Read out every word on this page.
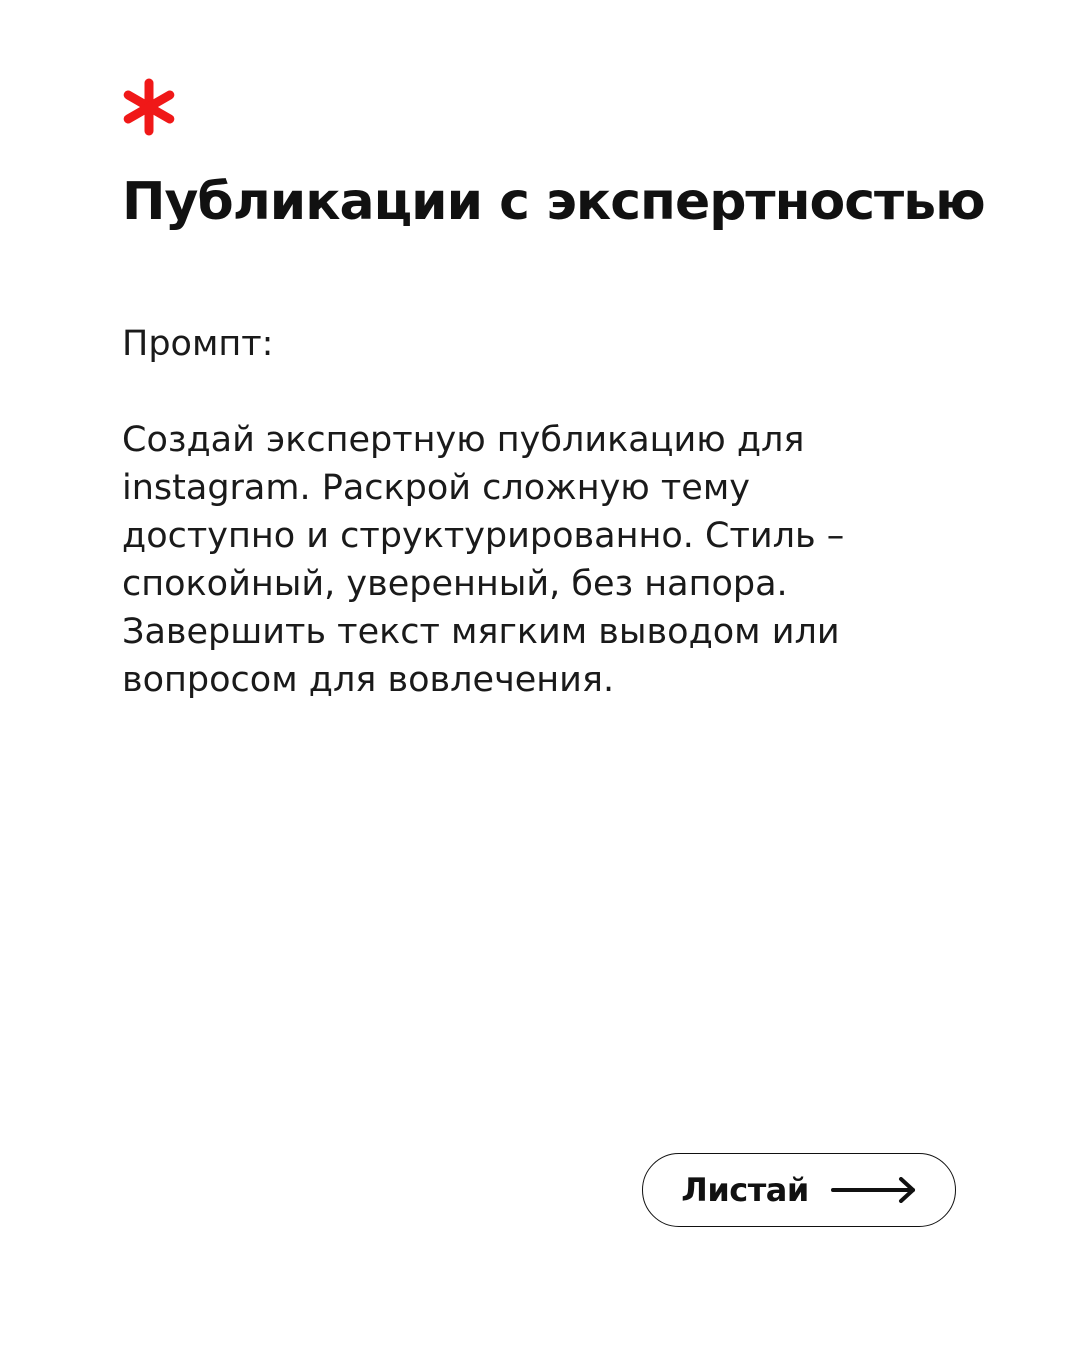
Публикации с экспертностью

Промпт:

Создай экспертную публикацию для
instagram. Раскрой сложную тему
доступно и структурированно. Стиль –
спокойный, уверенный, без напора.
Завершить текст мягким выводом или
вопросом для вовлечения.

Листай
